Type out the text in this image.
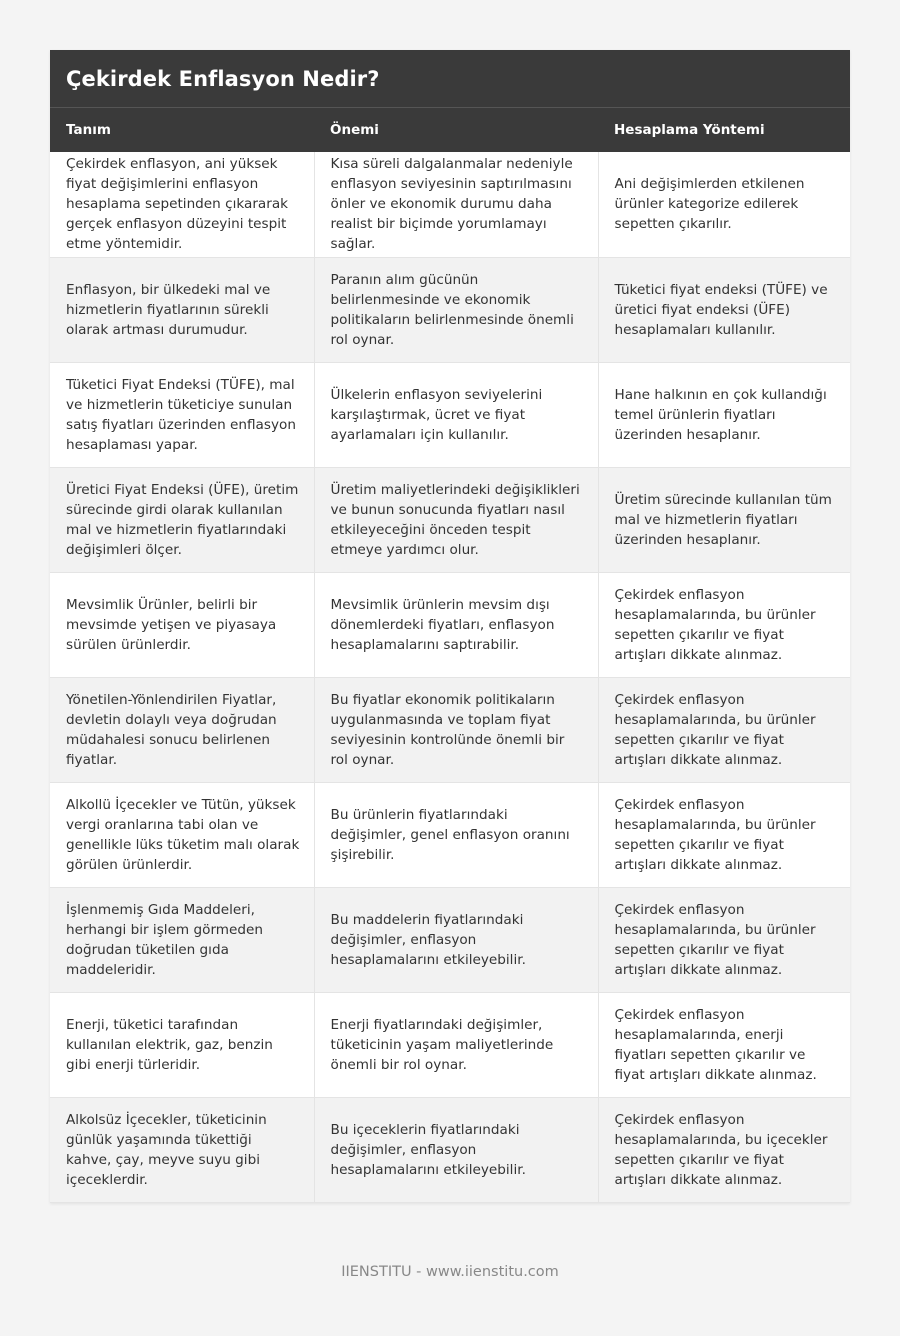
Çekirdek Enflasyon Nedir?
Tanım	Önemi	Hesaplama Yöntemi
Çekirdek enflasyon, ani yüksek fiyat değişimlerini enflasyon hesaplama sepetinden çıkararak gerçek enflasyon düzeyini tespit etme yöntemidir.	Kısa süreli dalgalanmalar nedeniyle enflasyon seviyesinin saptırılmasını önler ve ekonomik durumu daha realist bir biçimde yorumlamayı sağlar.	Ani değişimlerden etkilenen ürünler kategorize edilerek sepetten çıkarılır.
Enflasyon, bir ülkedeki mal ve hizmetlerin fiyatlarının sürekli olarak artması durumudur.	Paranın alım gücünün belirlenmesinde ve ekonomik politikaların belirlenmesinde önemli rol oynar.	Tüketici fiyat endeksi (TÜFE) ve üretici fiyat endeksi (ÜFE) hesaplamaları kullanılır.
Tüketici Fiyat Endeksi (TÜFE), mal ve hizmetlerin tüketiciye sunulan satış fiyatları üzerinden enflasyon hesaplaması yapar.	Ülkelerin enflasyon seviyelerini karşılaştırmak, ücret ve fiyat ayarlamaları için kullanılır.	Hane halkının en çok kullandığı temel ürünlerin fiyatları üzerinden hesaplanır.
Üretici Fiyat Endeksi (ÜFE), üretim sürecinde girdi olarak kullanılan mal ve hizmetlerin fiyatlarındaki değişimleri ölçer.	Üretim maliyetlerindeki değişiklikleri ve bunun sonucunda fiyatları nasıl etkileyeceğini önceden tespit etmeye yardımcı olur.	Üretim sürecinde kullanılan tüm mal ve hizmetlerin fiyatları üzerinden hesaplanır.
Mevsimlik Ürünler, belirli bir mevsimde yetişen ve piyasaya sürülen ürünlerdir.	Mevsimlik ürünlerin mevsim dışı dönemlerdeki fiyatları, enflasyon hesaplamalarını saptırabilir.	Çekirdek enflasyon hesaplamalarında, bu ürünler sepetten çıkarılır ve fiyat artışları dikkate alınmaz.
Yönetilen-Yönlendirilen Fiyatlar, devletin dolaylı veya doğrudan müdahalesi sonucu belirlenen fiyatlar.	Bu fiyatlar ekonomik politikaların uygulanmasında ve toplam fiyat seviyesinin kontrolünde önemli bir rol oynar.	Çekirdek enflasyon hesaplamalarında, bu ürünler sepetten çıkarılır ve fiyat artışları dikkate alınmaz.
Alkollü İçecekler ve Tütün, yüksek vergi oranlarına tabi olan ve genellikle lüks tüketim malı olarak görülen ürünlerdir.	Bu ürünlerin fiyatlarındaki değişimler, genel enflasyon oranını şişirebilir.	Çekirdek enflasyon hesaplamalarında, bu ürünler sepetten çıkarılır ve fiyat artışları dikkate alınmaz.
İşlenmemiş Gıda Maddeleri, herhangi bir işlem görmeden doğrudan tüketilen gıda maddeleridir.	Bu maddelerin fiyatlarındaki değişimler, enflasyon hesaplamalarını etkileyebilir.	Çekirdek enflasyon hesaplamalarında, bu ürünler sepetten çıkarılır ve fiyat artışları dikkate alınmaz.
Enerji, tüketici tarafından kullanılan elektrik, gaz, benzin gibi enerji türleridir.	Enerji fiyatlarındaki değişimler, tüketicinin yaşam maliyetlerinde önemli bir rol oynar.	Çekirdek enflasyon hesaplamalarında, enerji fiyatları sepetten çıkarılır ve fiyat artışları dikkate alınmaz.
Alkolsüz İçecekler, tüketicinin günlük yaşamında tükettiği kahve, çay, meyve suyu gibi içeceklerdir.	Bu içeceklerin fiyatlarındaki değişimler, enflasyon hesaplamalarını etkileyebilir.	Çekirdek enflasyon hesaplamalarında, bu içecekler sepetten çıkarılır ve fiyat artışları dikkate alınmaz.
IIENSTITU - www.iienstitu.com
